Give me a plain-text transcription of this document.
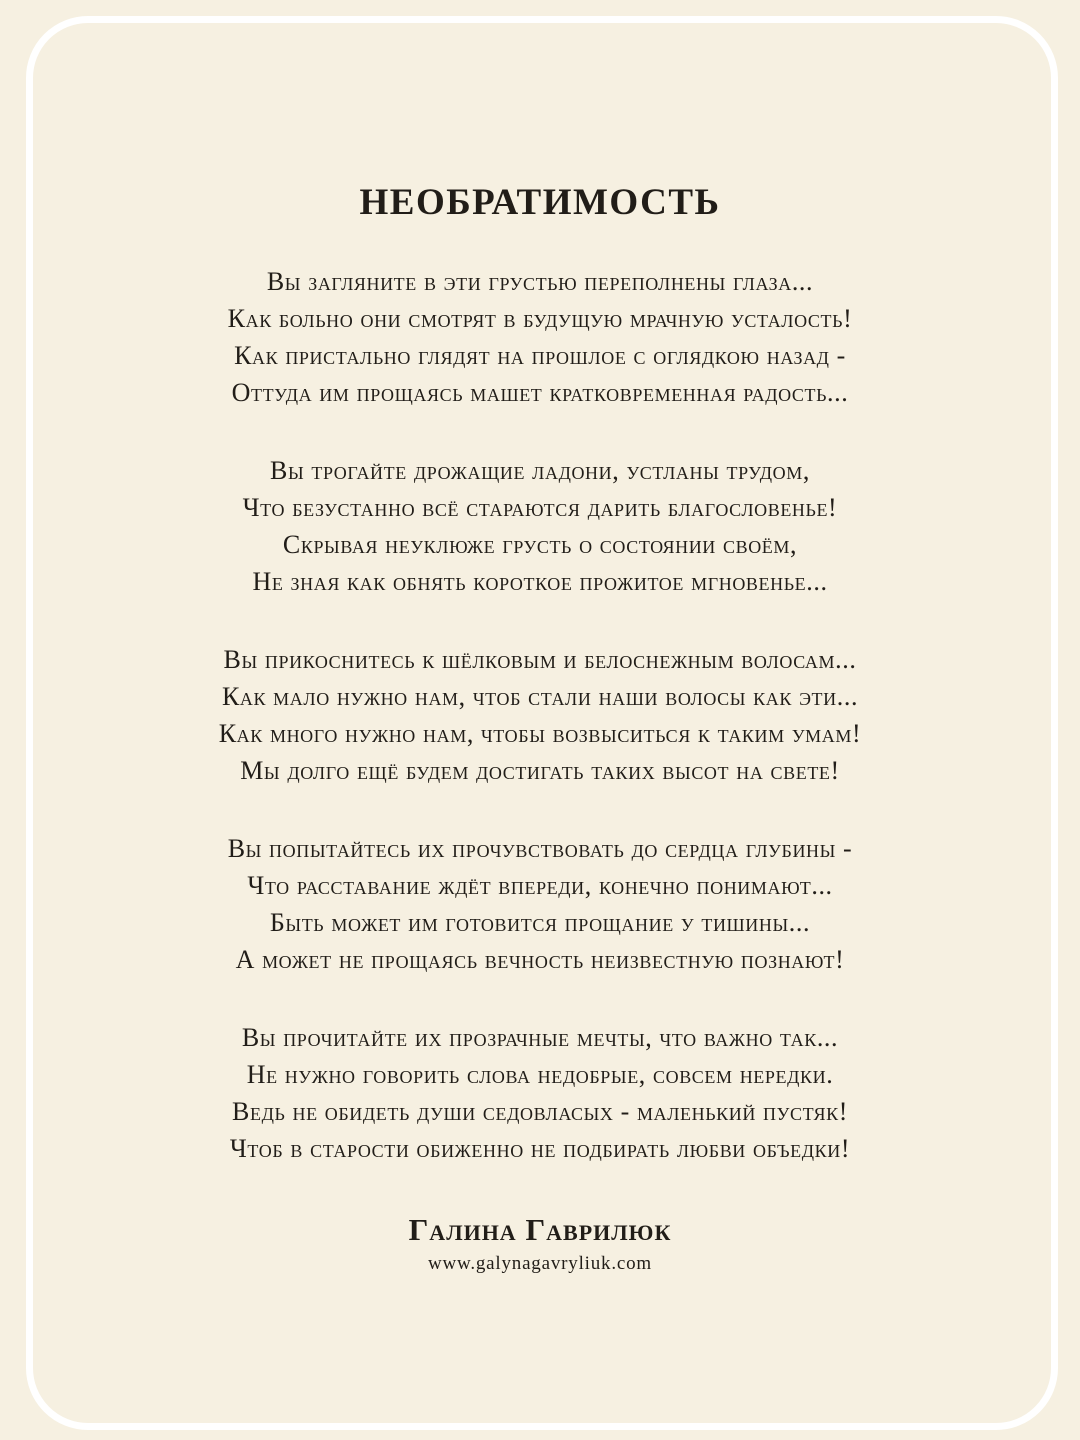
НЕОБРАТИМОСТЬ
Вы загляните в эти грустью переполнены глаза...
Как больно они смотрят в будущую мрачную усталость!
Как пристально глядят на прошлое с оглядкою назад -
Оттуда им прощаясь машет кратковременная радость...
Вы трогайте дрожащие ладони, устланы трудом,
Что безустанно всё стараются дарить благословенье!
Скрывая неуклюже грусть о состоянии своём,
Не зная как обнять короткое прожитое мгновенье...
Вы прикоснитесь к шёлковым и белоснежным волосам...
Как мало нужно нам, чтоб стали наши волосы как эти...
Как много нужно нам, чтобы возвыситься к таким умам!
Мы долго ещё будем достигать таких высот на свете!
Вы попытайтесь их прочувствовать до сердца глубины -
Что расставание ждёт впереди, конечно понимают...
Быть может им готовится прощание у тишины...
А может не прощаясь вечность неизвестную познают!
Вы прочитайте их прозрачные мечты, что важно так...
Не нужно говорить слова недобрые, совсем нередки.
Ведь не обидеть души седовласых - маленький пустяк!
Чтоб в старости обиженно не подбирать любви объедки!
Галина Гаврилюк
www.galynagavryliuk.com
